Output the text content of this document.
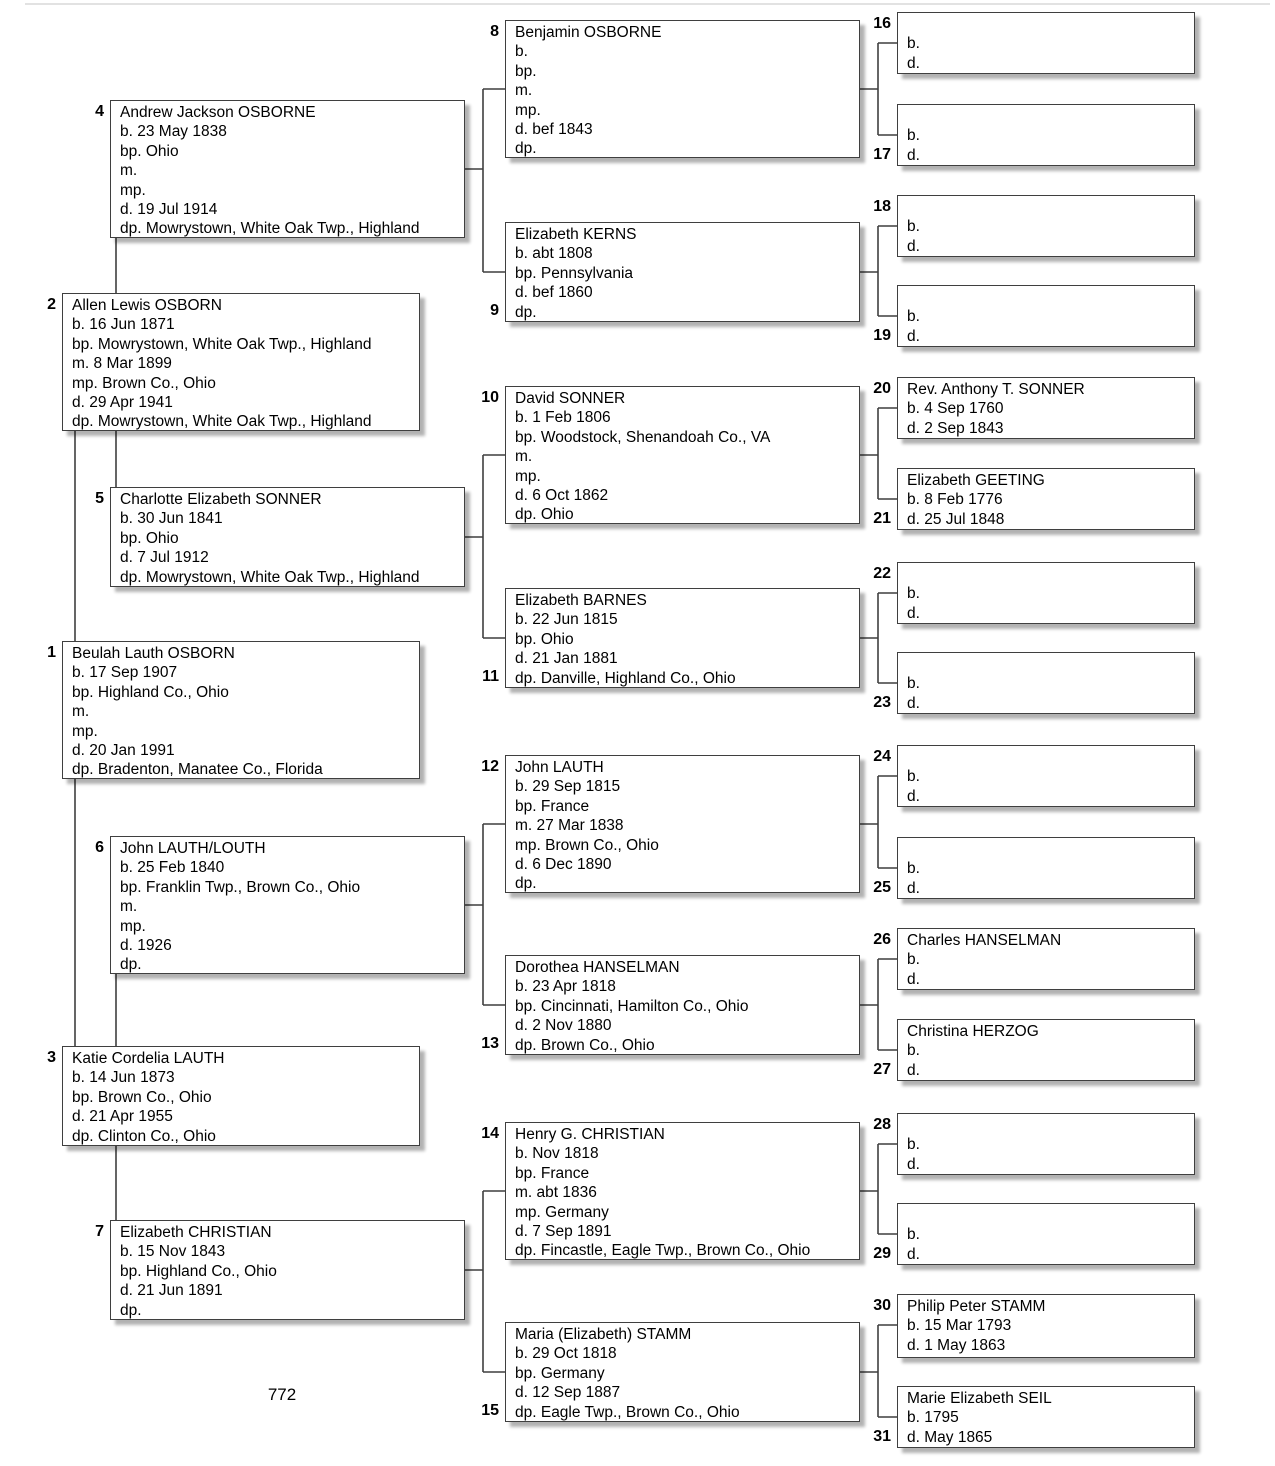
1 Beulah Lauth OSBORN
b. 17 Sep 1907
bp. Highland Co., Ohio
m.
mp.
d. 20 Jan 1991
dp. Bradenton, Manatee Co., Florida
2 Allen Lewis OSBORN
b. 16 Jun 1871
bp. Mowrystown, White Oak Twp., Highland
m. 8 Mar 1899
mp. Brown Co., Ohio
d. 29 Apr 1941
dp. Mowrystown, White Oak Twp., Highland
3 Katie Cordelia LAUTH
b. 14 Jun 1873
bp. Brown Co., Ohio
d. 21 Apr 1955
dp. Clinton Co., Ohio
4 Andrew Jackson OSBORNE
b. 23 May 1838
bp. Ohio
m.
mp.
d. 19 Jul 1914
dp. Mowrystown, White Oak Twp., Highland
5 Charlotte Elizabeth SONNER
b. 30 Jun 1841
bp. Ohio
d. 7 Jul 1912
dp. Mowrystown, White Oak Twp., Highland
6 John LAUTH/LOUTH
b. 25 Feb 1840
bp. Franklin Twp., Brown Co., Ohio
m.
mp.
d. 1926
dp.
7 Elizabeth CHRISTIAN
b. 15 Nov 1843
bp. Highland Co., Ohio
d. 21 Jun 1891
dp.
8 Benjamin OSBORNE
b.
bp.
m.
mp.
d. bef 1843
dp.
9
Elizabeth KERNS
b. abt 1808
bp. Pennsylvania
d. bef 1860
dp.
10 David SONNER
b. 1 Feb 1806
bp. Woodstock, Shenandoah Co., VA
m.
mp.
d. 6 Oct 1862
dp. Ohio
11
Elizabeth BARNES
b. 22 Jun 1815
bp. Ohio
d. 21 Jan 1881
dp. Danville, Highland Co., Ohio
12 John LAUTH
b. 29 Sep 1815
bp. France
m. 27 Mar 1838
mp. Brown Co., Ohio
d. 6 Dec 1890
dp.
13
Dorothea HANSELMAN
b. 23 Apr 1818
bp. Cincinnati, Hamilton Co., Ohio
d. 2 Nov 1880
dp. Brown Co., Ohio
14 Henry G. CHRISTIAN
b. Nov 1818
bp. France
m. abt 1836
mp. Germany
d. 7 Sep 1891
dp. Fincastle, Eagle Twp., Brown Co., Ohio
15
Maria (Elizabeth) STAMM
b. 29 Oct 1818
bp. Germany
d. 12 Sep 1887
dp. Eagle Twp., Brown Co., Ohio
16
b.
d.
17
b.
d.
18
b.
d.
19
b.
d.
20 Rev. Anthony T. SONNER
b. 4 Sep 1760
d. 2 Sep 1843
21
Elizabeth GEETING
b. 8 Feb 1776
d. 25 Jul 1848
22
b.
d.
23
b.
d.
24
b.
d.
25
b.
d.
26 Charles HANSELMAN
b.
d.
27
Christina HERZOG
b.
d.
28
b.
d.
29
b.
d.
30 Philip Peter STAMM
b. 15 Mar 1793
d. 1 May 1863
31
Marie Elizabeth SEIL
b. 1795
d. May 1865
772
